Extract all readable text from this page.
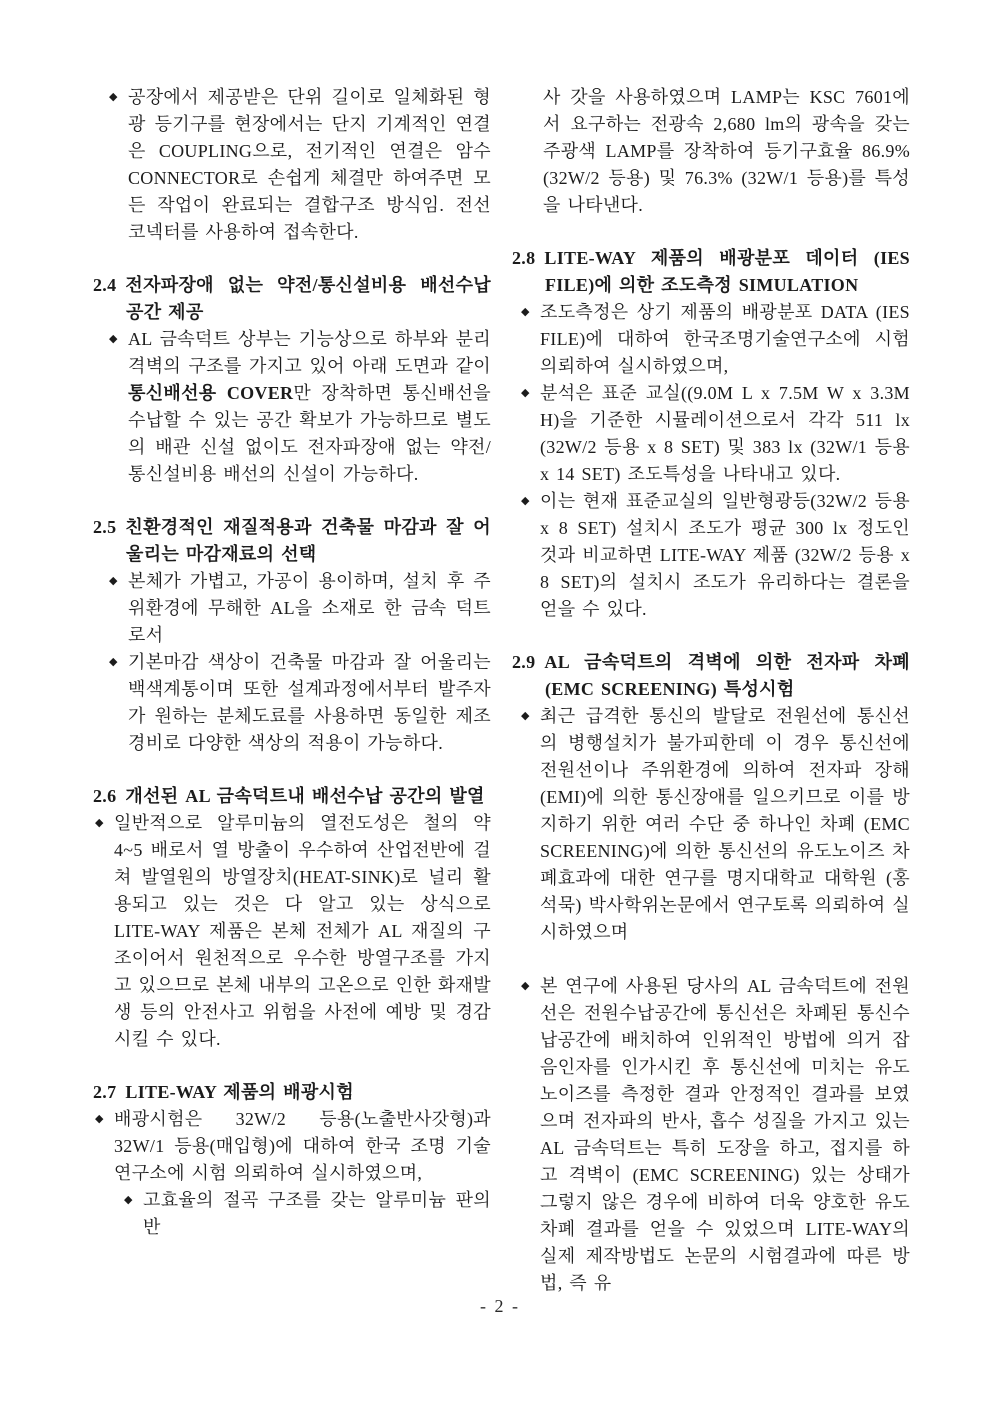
◆ 공장에서 제공받은 단위 길이로 일체화된 형광 등기구를 현장에서는 단지 기계적인 연결은 COUPLING으로, 전기적인 연결은 암수 CONNECTOR로 손쉽게 체결만 하여주면 모든 작업이 완료되는 결합구조 방식임. 전선 코넥터를 사용하여 접속한다.
2.4 전자파장애 없는 약전/통신설비용 배선수납 공간 제공
◆ AL 금속덕트 상부는 기능상으로 하부와 분리 격벽의 구조를 가지고 있어 아래 도면과 같이 통신배선용 COVER만 장착하면 통신배선을 수납할 수 있는 공간 확보가 가능하므로 별도의 배관 신설 없이도 전자파장애 없는 약전/통신설비용 배선의 신설이 가능하다.
2.5 친환경적인 재질적용과 건축물 마감과 잘 어울리는 마감재료의 선택
◆ 본체가 가볍고, 가공이 용이하며, 설치 후 주위환경에 무해한 AL을 소재로 한 금속 덕트로서
◆ 기본마감 색상이 건축물 마감과 잘 어울리는 백색계통이며 또한 설계과정에서부터 발주자가 원하는 분체도료를 사용하면 동일한 제조 경비로 다양한 색상의 적용이 가능하다.
2.6 개선된 AL 금속덕트내 배선수납 공간의 발열
◆ 일반적으로 알루미늄의 열전도성은 철의 약 4~5 배로서 열 방출이 우수하여 산업전반에 걸쳐 발열원의 방열장치(HEAT-SINK)로 널리 활용되고 있는 것은 다 알고 있는 상식으로 LITE-WAY 제품은 본체 전체가 AL 재질의 구조이어서 원천적으로 우수한 방열구조를 가지고 있으므로 본체 내부의 고온으로 인한 화재발생 등의 안전사고 위험을 사전에 예방 및 경감시킬 수 있다.
2.7 LITE-WAY 제품의 배광시험
◆ 배광시험은 32W/2 등용(노출반사갓형)과 32W/1 등용(매입형)에 대하여 한국 조명 기술 연구소에 시험 의뢰하여 실시하였으며,
◆ 고효율의 절곡 구조를 갖는 알루미늄 판의 반
사 갓을 사용하였으며 LAMP는 KSC 7601에서 요구하는 전광속 2,680 lm의 광속을 갖는 주광색 LAMP를 장착하여 등기구효율 86.9% (32W/2 등용) 및 76.3% (32W/1 등용)를 특성을 나타낸다.
2.8 LITE-WAY 제품의 배광분포 데이터 (IES FILE)에 의한 조도측정 SIMULATION
◆ 조도측정은 상기 제품의 배광분포 DATA (IES FILE)에 대하여 한국조명기술연구소에 시험 의뢰하여 실시하였으며,
◆ 분석은 표준 교실((9.0M L x 7.5M W x 3.3M H)을 기준한 시뮬레이션으로서 각각 511 lx (32W/2 등용 x 8 SET) 및 383 lx (32W/1 등용 x 14 SET) 조도특성을 나타내고 있다.
◆ 이는 현재 표준교실의 일반형광등(32W/2 등용 x 8 SET) 설치시 조도가 평균 300 lx 정도인 것과 비교하면 LITE-WAY 제품 (32W/2 등용 x 8 SET)의 설치시 조도가 유리하다는 결론을 얻을 수 있다.
2.9 AL 금속덕트의 격벽에 의한 전자파 차폐 (EMC SCREENING) 특성시험
◆ 최근 급격한 통신의 발달로 전원선에 통신선의 병행설치가 불가피한데 이 경우 통신선에 전원선이나 주위환경에 의하여 전자파 장해(EMI)에 의한 통신장애를 일으키므로 이를 방지하기 위한 여러 수단 중 하나인 차폐 (EMC SCREENING)에 의한 통신선의 유도노이즈 차폐효과에 대한 연구를 명지대학교 대학원 (홍석묵) 박사학위논문에서 연구토록 의뢰하여 실시하였으며
◆ 본 연구에 사용된 당사의 AL 금속덕트에 전원선은 전원수납공간에 통신선은 차폐된 통신수납공간에 배치하여 인위적인 방법에 의거 잡음인자를 인가시킨 후 통신선에 미치는 유도노이즈를 측정한 결과 안정적인 결과를 보였으며 전자파의 반사, 흡수 성질을 가지고 있는 AL 금속덕트는 특히 도장을 하고, 접지를 하고 격벽이 (EMC SCREENING) 있는 상태가 그렇지 않은 경우에 비하여 더욱 양호한 유도차폐 결과를 얻을 수 있었으며 LITE-WAY의 실제 제작방법도 논문의 시험결과에 따른 방법, 즉 유
- 2 -
